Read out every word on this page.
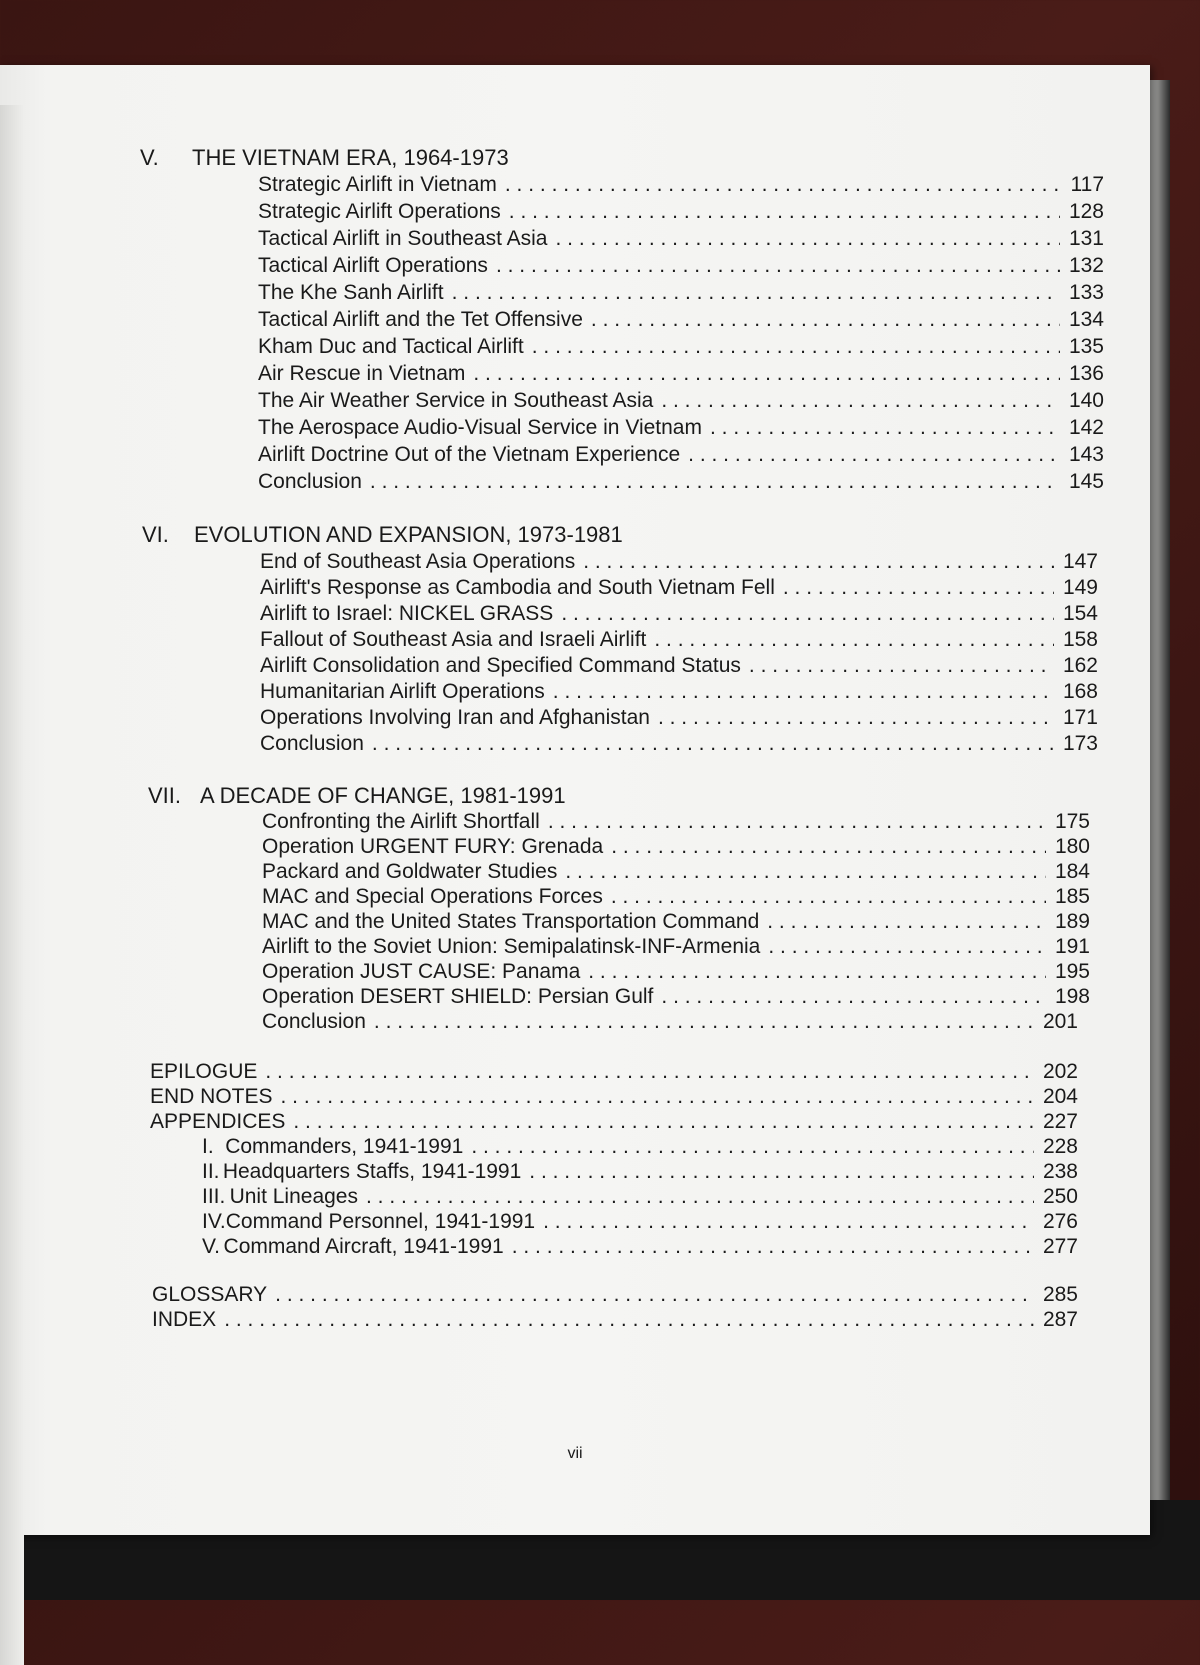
V.	THE VIETNAM ERA, 1964-1973
Strategic Airlift in Vietnam . . .	117
Strategic Airlift Operations . . .	128
Tactical Airlift in Southeast Asia . . .	131
Tactical Airlift Operations . . .	132
The Khe Sanh Airlift . . .	133
Tactical Airlift and the Tet Offensive . . .	134
Kham Duc and Tactical Airlift . . .	135
Air Rescue in Vietnam . . .	136
The Air Weather Service in Southeast Asia . . .	140
The Aerospace Audio-Visual Service in Vietnam . . .	142
Airlift Doctrine Out of the Vietnam Experience . . .	143
Conclusion . . .	145
VI.	EVOLUTION AND EXPANSION, 1973-1981
End of Southeast Asia Operations . . .	147
Airlift's Response as Cambodia and South Vietnam Fell . . .	149
Airlift to Israel: NICKEL GRASS . . .	154
Fallout of Southeast Asia and Israeli Airlift . . .	158
Airlift Consolidation and Specified Command Status . . .	162
Humanitarian Airlift Operations . . .	168
Operations Involving Iran and Afghanistan . . .	171
Conclusion . . .	173
VII. A DECADE OF CHANGE, 1981-1991
Confronting the Airlift Shortfall . . .	175
Operation URGENT FURY: Grenada . . .	180
Packard and Goldwater Studies . . .	184
MAC and Special Operations Forces . . .	185
MAC and the United States Transportation Command . . .	189
Airlift to the Soviet Union: Semipalatinsk-INF-Armenia . . .	191
Operation JUST CAUSE: Panama . . .	195
Operation DESERT SHIELD: Persian Gulf . . .	198
Conclusion . . .	201
EPILOGUE . . .	202
END NOTES . . .	204
APPENDICES . . .	227
I. Commanders, 1941-1991 . . .	228
II. Headquarters Staffs, 1941-1991 . . .	238
III. Unit Lineages . . .	250
IV. Command Personnel, 1941-1991 . . .	276
V. Command Aircraft, 1941-1991 . . .	277
GLOSSARY . . .	285
INDEX . . .	287
vii
